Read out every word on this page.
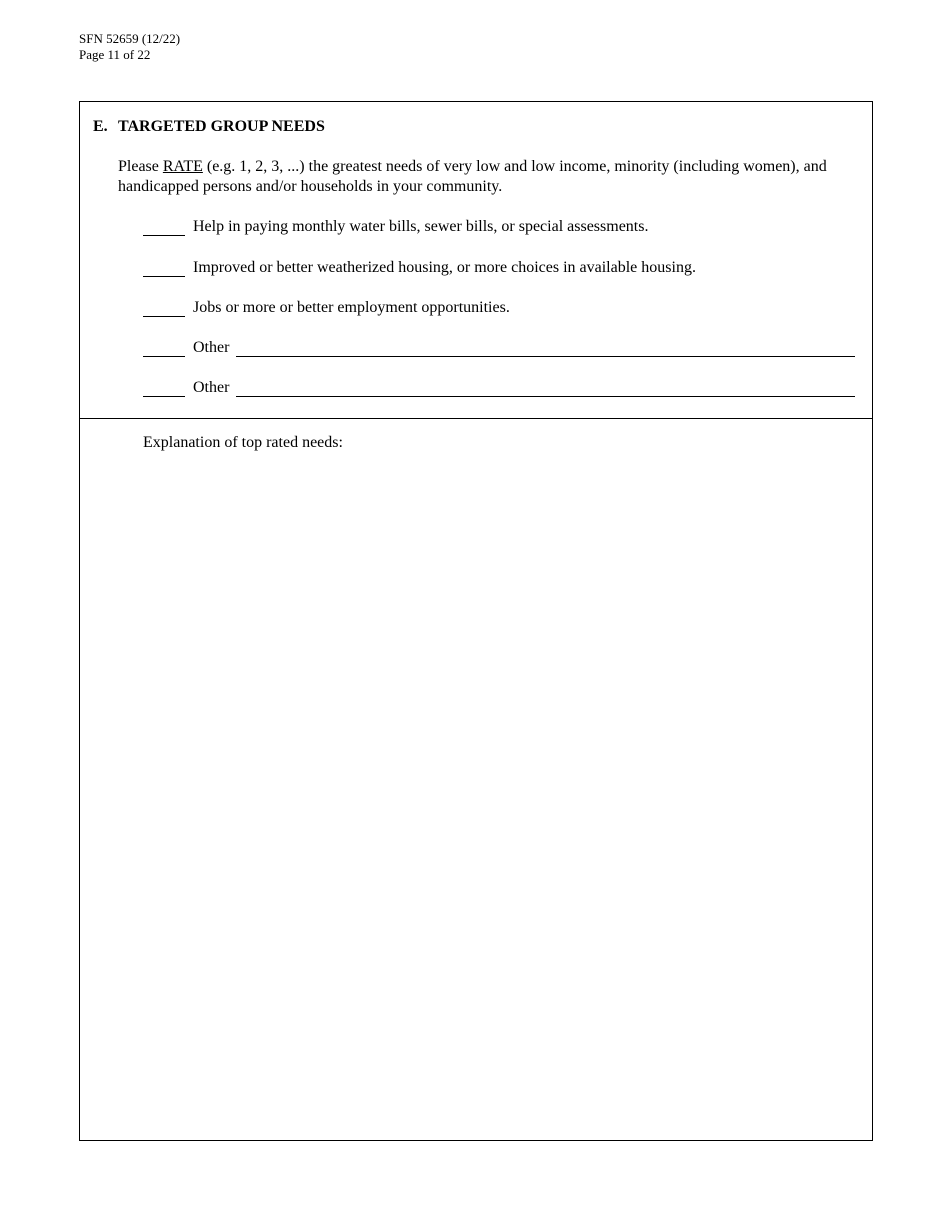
SFN 52659 (12/22)
Page 11 of 22
E. TARGETED GROUP NEEDS
Please RATE (e.g. 1, 2, 3, ...) the greatest needs of very low and low income, minority (including women), and handicapped persons and/or households in your community.
Help in paying monthly water bills, sewer bills, or special assessments.
Improved or better weatherized housing, or more choices in available housing.
Jobs or more or better employment opportunities.
Other
Other
Explanation of top rated needs:
